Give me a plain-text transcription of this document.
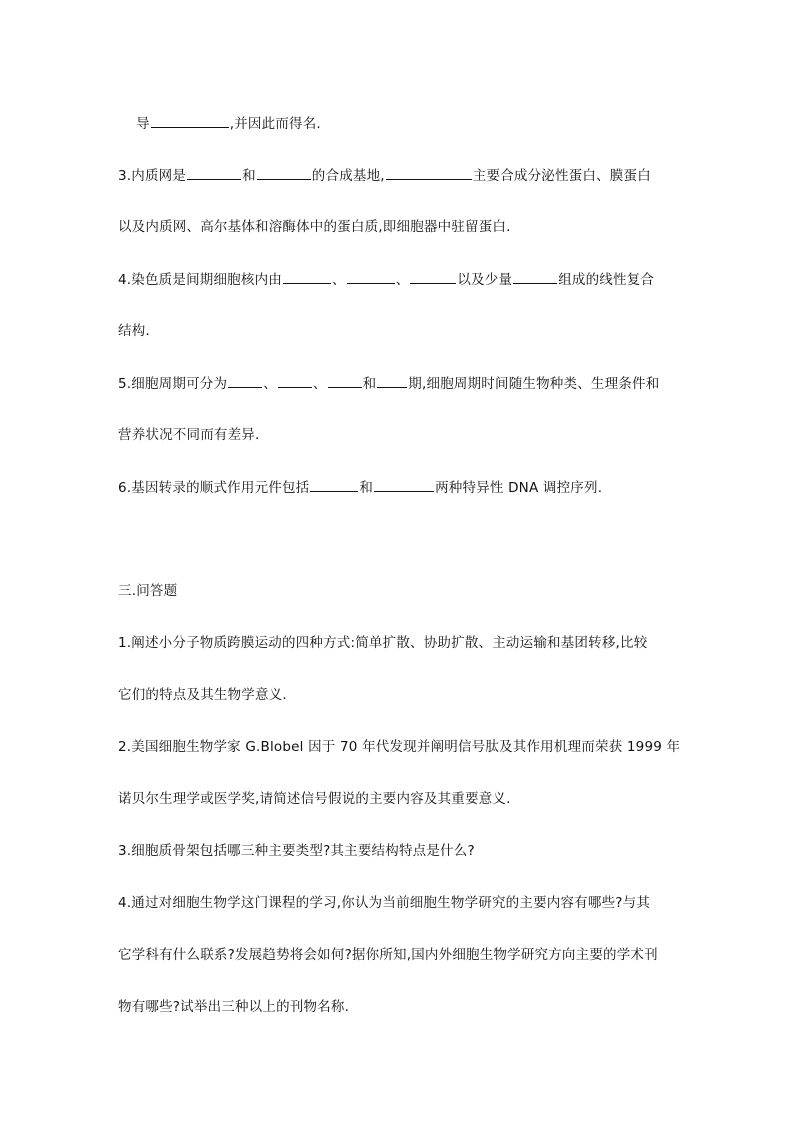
导	,并因此而得名.
3.内质网是	和	的合成基地,	主要合成分泌性蛋白、膜蛋白
以及内质网、高尔基体和溶酶体中的蛋白质,即细胞器中驻留蛋白.
4.染色质是间期细胞核内由	、	、	以及少量	组成的线性复合
结构.
5.细胞周期可分为	、	、	和 期,细胞周期时间随生物种类、生理条件和
营养状况不同而有差异.
6.基因转录的顺式作用元件包括	和	两种特异性 DNA 调控序列.
三.问答题
1.阐述小分子物质跨膜运动的四种方式:简单扩散、协助扩散、主动运输和基团转移,比较
它们的特点及其生物学意义.
2.美国细胞生物学家 G.Blobel 因于 70 年代发现并阐明信号肽及其作用机理而荣获 1999 年
诺贝尔生理学或医学奖,请简述信号假说的主要内容及其重要意义.
3.细胞质骨架包括哪三种主要类型?其主要结构特点是什么?
4.通过对细胞生物学这门课程的学习,你认为当前细胞生物学研究的主要内容有哪些?与其
它学科有什么联系?发展趋势将会如何?据你所知,国内外细胞生物学研究方向主要的学术刊
物有哪些?试举出三种以上的刊物名称.
